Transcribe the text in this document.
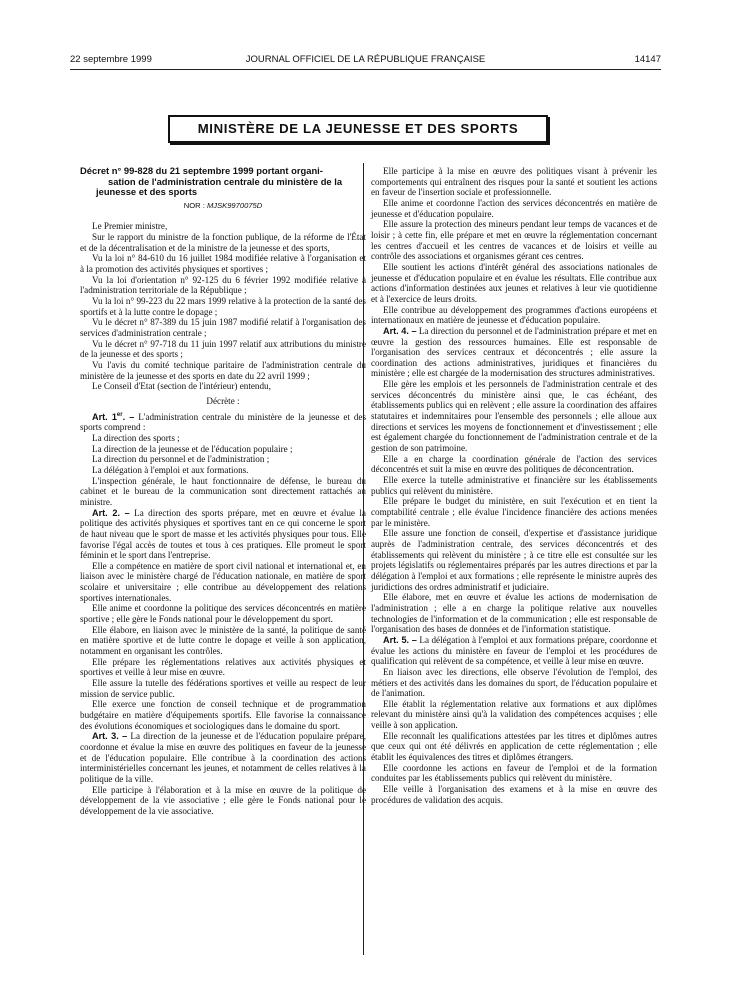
22 septembre 1999	JOURNAL OFFICIEL DE LA RÉPUBLIQUE FRANÇAISE	14147
MINISTÈRE DE LA JEUNESSE ET DES SPORTS

Décret n° 99-828 du 21 septembre 1999 portant organi-

sation de l'administration centrale du ministère de la jeunesse et des sports

NOR : MJSK9970075D

Le Premier ministre,

Sur le rapport du ministre de la fonction publique, de la réforme de l'État et de la décentralisation et de la ministre de la jeunesse et des sports,

Vu la loi n° 84-610 du 16 juillet 1984 modifiée relative à l'organisation et à la promotion des activités physiques et sportives ;

Vu la loi d'orientation n° 92-125 du 6 février 1992 modifiée relative à l'administration territoriale de la République ;

Vu la loi n° 99-223 du 22 mars 1999 relative à la protection de la santé des sportifs et à la lutte contre le dopage ;

Vu le décret n° 87-389 du 15 juin 1987 modifié relatif à l'organisation des services d'administration centrale ;

Vu le décret n° 97-718 du 11 juin 1997 relatif aux attributions du ministre de la jeunesse et des sports ;

Vu l'avis du comité technique paritaire de l'administration centrale du ministère de la jeunesse et des sports en date du 22 avril 1999 ;

Le Conseil d'Etat (section de l'intérieur) entendu,

Décrète :

Art. 1er. – L'administration centrale du ministère de la jeunesse et des sports comprend :

La direction des sports ;

La direction de la jeunesse et de l'éducation populaire ;

La direction du personnel et de l'administration ;

La délégation à l'emploi et aux formations.

L'inspection générale, le haut fonctionnaire de défense, le bureau du cabinet et le bureau de la communication sont directement rattachés au ministre.

Art. 2. – La direction des sports prépare, met en œuvre et évalue la politique des activités physiques et sportives tant en ce qui concerne le sport de haut niveau que le sport de masse et les activités physiques pour tous. Elle favorise l'égal accès de toutes et tous à ces pratiques. Elle promeut le sport féminin et le sport dans l'entreprise.

Elle a compétence en matière de sport civil national et international et, en liaison avec le ministère chargé de l'éducation nationale, en matière de sport scolaire et universitaire ; elle contribue au développement des relations sportives internationales.

Elle anime et coordonne la politique des services déconcentrés en matière sportive ; elle gère le Fonds national pour le développement du sport.

Elle élabore, en liaison avec le ministère de la santé, la politique de santé en matière sportive et de lutte contre le dopage et veille à son application, notamment en organisant les contrôles.

Elle prépare les réglementations relatives aux activités physiques et sportives et veille à leur mise en œuvre.

Elle assure la tutelle des fédérations sportives et veille au respect de leur mission de service public.

Elle exerce une fonction de conseil technique et de programmation budgétaire en matière d'équipements sportifs. Elle favorise la connaissance des évolutions économiques et sociologiques dans le domaine du sport.

Art. 3. – La direction de la jeunesse et de l'éducation populaire prépare, coordonne et évalue la mise en œuvre des politiques en faveur de la jeunesse et de l'éducation populaire. Elle contribue à la coordination des actions interministérielles concernant les jeunes, et notamment de celles relatives à la politique de la ville.

Elle participe à l'élaboration et à la mise en œuvre de la politique de développement de la vie associative ; elle gère le Fonds national pour le développement de la vie associative.

Elle participe à la mise en œuvre des politiques visant à prévenir les comportements qui entraînent des risques pour la santé et soutient les actions en faveur de l'insertion sociale et professionnelle.

Elle anime et coordonne l'action des services déconcentrés en matière de jeunesse et d'éducation populaire.

Elle assure la protection des mineurs pendant leur temps de vacances et de loisir ; à cette fin, elle prépare et met en œuvre la réglementation concernant les centres d'accueil et les centres de vacances et de loisirs et veille au contrôle des associations et organismes gérant ces centres.

Elle soutient les actions d'intérêt général des associations nationales de jeunesse et d'éducation populaire et en évalue les résultats. Elle contribue aux actions d'information destinées aux jeunes et relatives à leur vie quotidienne et à l'exercice de leurs droits.

Elle contribue au développement des programmes d'actions européens et internationaux en matière de jeunesse et d'éducation populaire.

Art. 4. – La direction du personnel et de l'administration prépare et met en œuvre la gestion des ressources humaines. Elle est responsable de l'organisation des services centraux et déconcentrés ; elle assure la coordination des actions administratives, juridiques et financières du ministère ; elle est chargée de la modernisation des structures administratives.

Elle gère les emplois et les personnels de l'administration centrale et des services déconcentrés du ministère ainsi que, le cas échéant, des établissements publics qui en relèvent ; elle assure la coordination des affaires statutaires et indemnitaires pour l'ensemble des personnels ; elle alloue aux directions et services les moyens de fonctionnement et d'investissement ; elle est également chargée du fonctionnement de l'administration centrale et de la gestion de son patrimoine.

Elle a en charge la coordination générale de l'action des services déconcentrés et suit la mise en œuvre des politiques de déconcentration.

Elle exerce la tutelle administrative et financière sur les établissements publics qui relèvent du ministère.

Elle prépare le budget du ministère, en suit l'exécution et en tient la comptabilité centrale ; elle évalue l'incidence financière des actions menées par le ministère.

Elle assure une fonction de conseil, d'expertise et d'assistance juridique auprès de l'administration centrale, des services déconcentrés et des établissements qui relèvent du ministère ; à ce titre elle est consultée sur les projets législatifs ou réglementaires préparés par les autres directions et par la délégation à l'emploi et aux formations ; elle représente le ministre auprès des juridictions des ordres administratif et judiciaire.

Elle élabore, met en œuvre et évalue les actions de modernisation de l'administration ; elle a en charge la politique relative aux nouvelles technologies de l'information et de la communication ; elle est responsable de l'organisation des bases de données et de l'information statistique.

Art. 5. – La délégation à l'emploi et aux formations prépare, coordonne et évalue les actions du ministère en faveur de l'emploi et les procédures de qualification qui relèvent de sa compétence, et veille à leur mise en œuvre.

En liaison avec les directions, elle observe l'évolution de l'emploi, des métiers et des activités dans les domaines du sport, de l'éducation populaire et de l'animation.

Elle établit la réglementation relative aux formations et aux diplômes relevant du ministère ainsi qu'à la validation des compétences acquises ; elle veille à son application.

Elle reconnaît les qualifications attestées par les titres et diplômes autres que ceux qui ont été délivrés en application de cette réglementation ; elle établit les équivalences des titres et diplômes étrangers.

Elle coordonne les actions en faveur de l'emploi et de la formation conduites par les établissements publics qui relèvent du ministère.

Elle veille à l'organisation des examens et à la mise en œuvre des procédures de validation des acquis.
